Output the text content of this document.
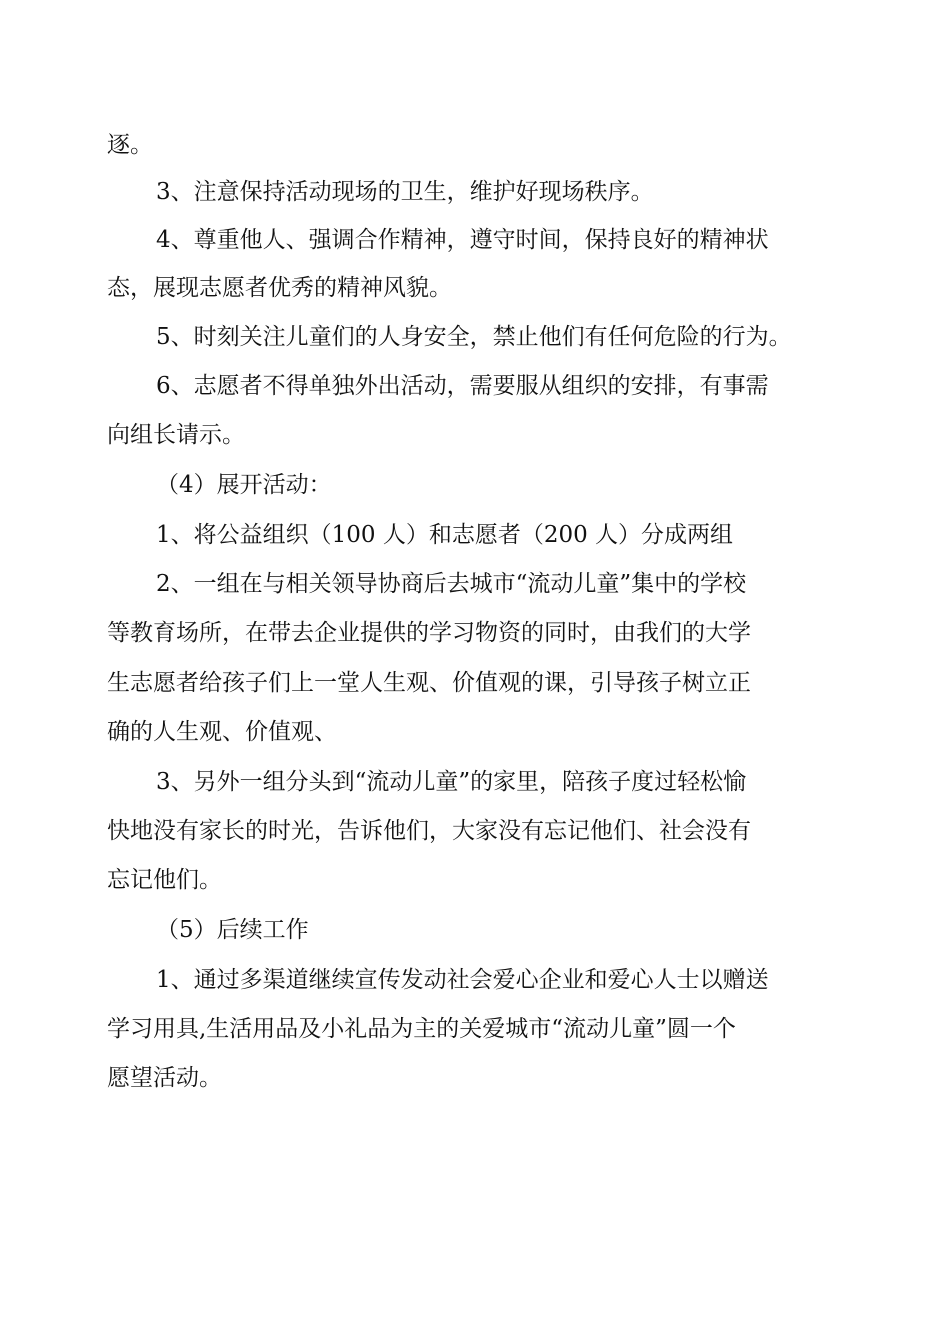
逐。
3、注意保持活动现场的卫生，维护好现场秩序。
4、尊重他人、强调合作精神，遵守时间，保持良好的精神状
态，展现志愿者优秀的精神风貌。
5、时刻关注儿童们的人身安全，禁止他们有任何危险的行为。
6、志愿者不得单独外出活动，需要服从组织的安排，有事需
向组长请示。
（4）展开活动：
1、将公益组织（100 人）和志愿者（200 人）分成两组
2、一组在与相关领导协商后去城市“流动儿童”集中的学校
等教育场所，在带去企业提供的学习物资的同时，由我们的大学
生志愿者给孩子们上一堂人生观、价值观的课，引导孩子树立正
确的人生观、价值观、
3、另外一组分头到“流动儿童”的家里，陪孩子度过轻松愉
快地没有家长的时光，告诉他们，大家没有忘记他们、社会没有
忘记他们。
（5）后续工作
1、通过多渠道继续宣传发动社会爱心企业和爱心人士以赠送
学习用具,生活用品及小礼品为主的关爱城市“流动儿童”圆一个
愿望活动。
